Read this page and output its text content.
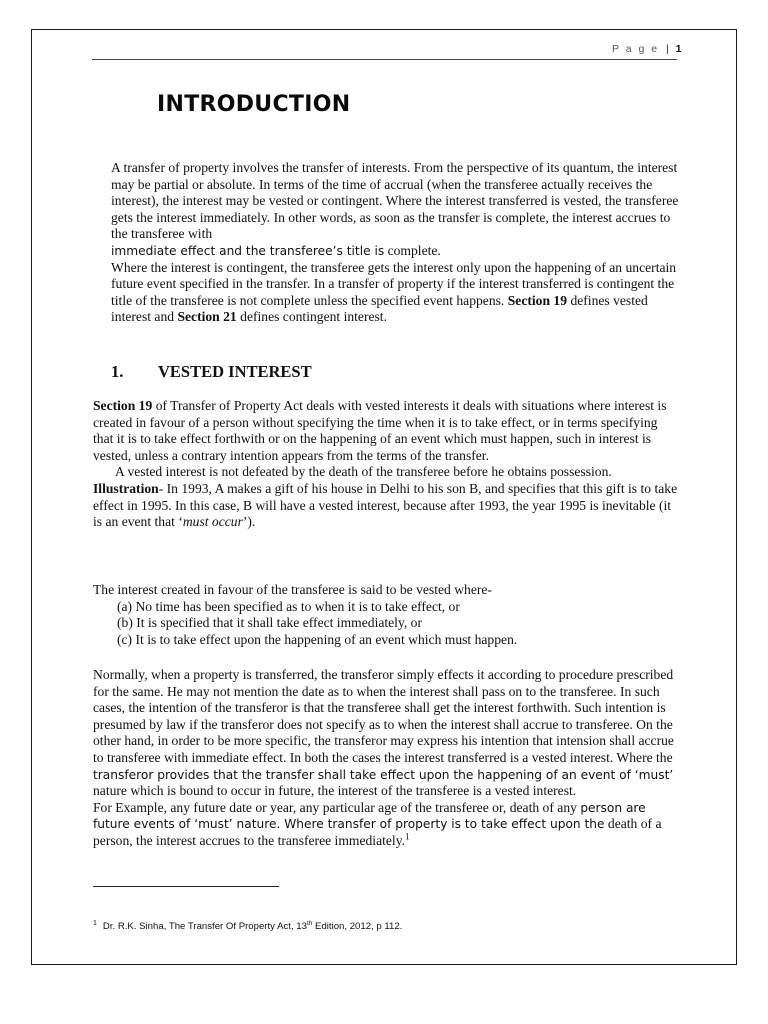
P a g e | 1
INTRODUCTION
A transfer of property involves the transfer of interests. From the perspective of its quantum, the interest may be partial or absolute. In terms of the time of accrual (when the transferee actually receives the interest), the interest may be vested or contingent. Where the interest transferred is vested, the transferee gets the interest immediately. In other words, as soon as the transfer is complete, the interest accrues to the transferee with
immediate effect and the transferee’s title is complete.
Where the interest is contingent, the transferee gets the interest only upon the happening of an uncertain future event specified in the transfer. In a transfer of property if the interest transferred is contingent the title of the transferee is not complete unless the specified event happens. Section 19 defines vested interest and Section 21 defines contingent interest.
1. VESTED INTEREST
Section 19 of Transfer of Property Act deals with vested interests it deals with situations where interest is created in favour of a person without specifying the time when it is to take effect, or in terms specifying that it is to take effect forthwith or on the happening of an event which must happen, such in interest is vested, unless a contrary intention appears from the terms of the transfer.

A vested interest is not defeated by the death of the transferee before he obtains possession.
Illustration- In 1993, A makes a gift of his house in Delhi to his son B, and specifies that this gift is to take effect in 1995. In this case, B will have a vested interest, because after 1993, the year 1995 is inevitable (it is an event that ‘must occur’).
The interest created in favour of the transferee is said to be vested where-
(a) No time has been specified as to when it is to take effect, or
(b) It is specified that it shall take effect immediately, or
(c) It is to take effect upon the happening of an event which must happen.
Normally, when a property is transferred, the transferor simply effects it according to procedure prescribed for the same. He may not mention the date as to when the interest shall pass on to the transferee. In such cases, the intention of the transferor is that the transferee shall get the interest forthwith. Such intention is presumed by law if the transferor does not specify as to when the interest shall accrue to transferee. On the other hand, in order to be more specific, the transferor may express his intention that intension shall accrue to transferee with immediate effect. In both the cases the interest transferred is a vested interest. Where the transferor provides that the transfer shall take effect upon the happening of an event of ‘must’ nature which is bound to occur in future, the interest of the transferee is a vested interest.
For Example, any future date or year, any particular age of the transferee or, death of any person are future events of ‘must’ nature. Where transfer of property is to take effect upon the death of a person, the interest accrues to the transferee immediately.$^1$
$^1$ Dr. R.K. Sinha, The Transfer Of Property Act, 13th Edition, 2012, p 112.
